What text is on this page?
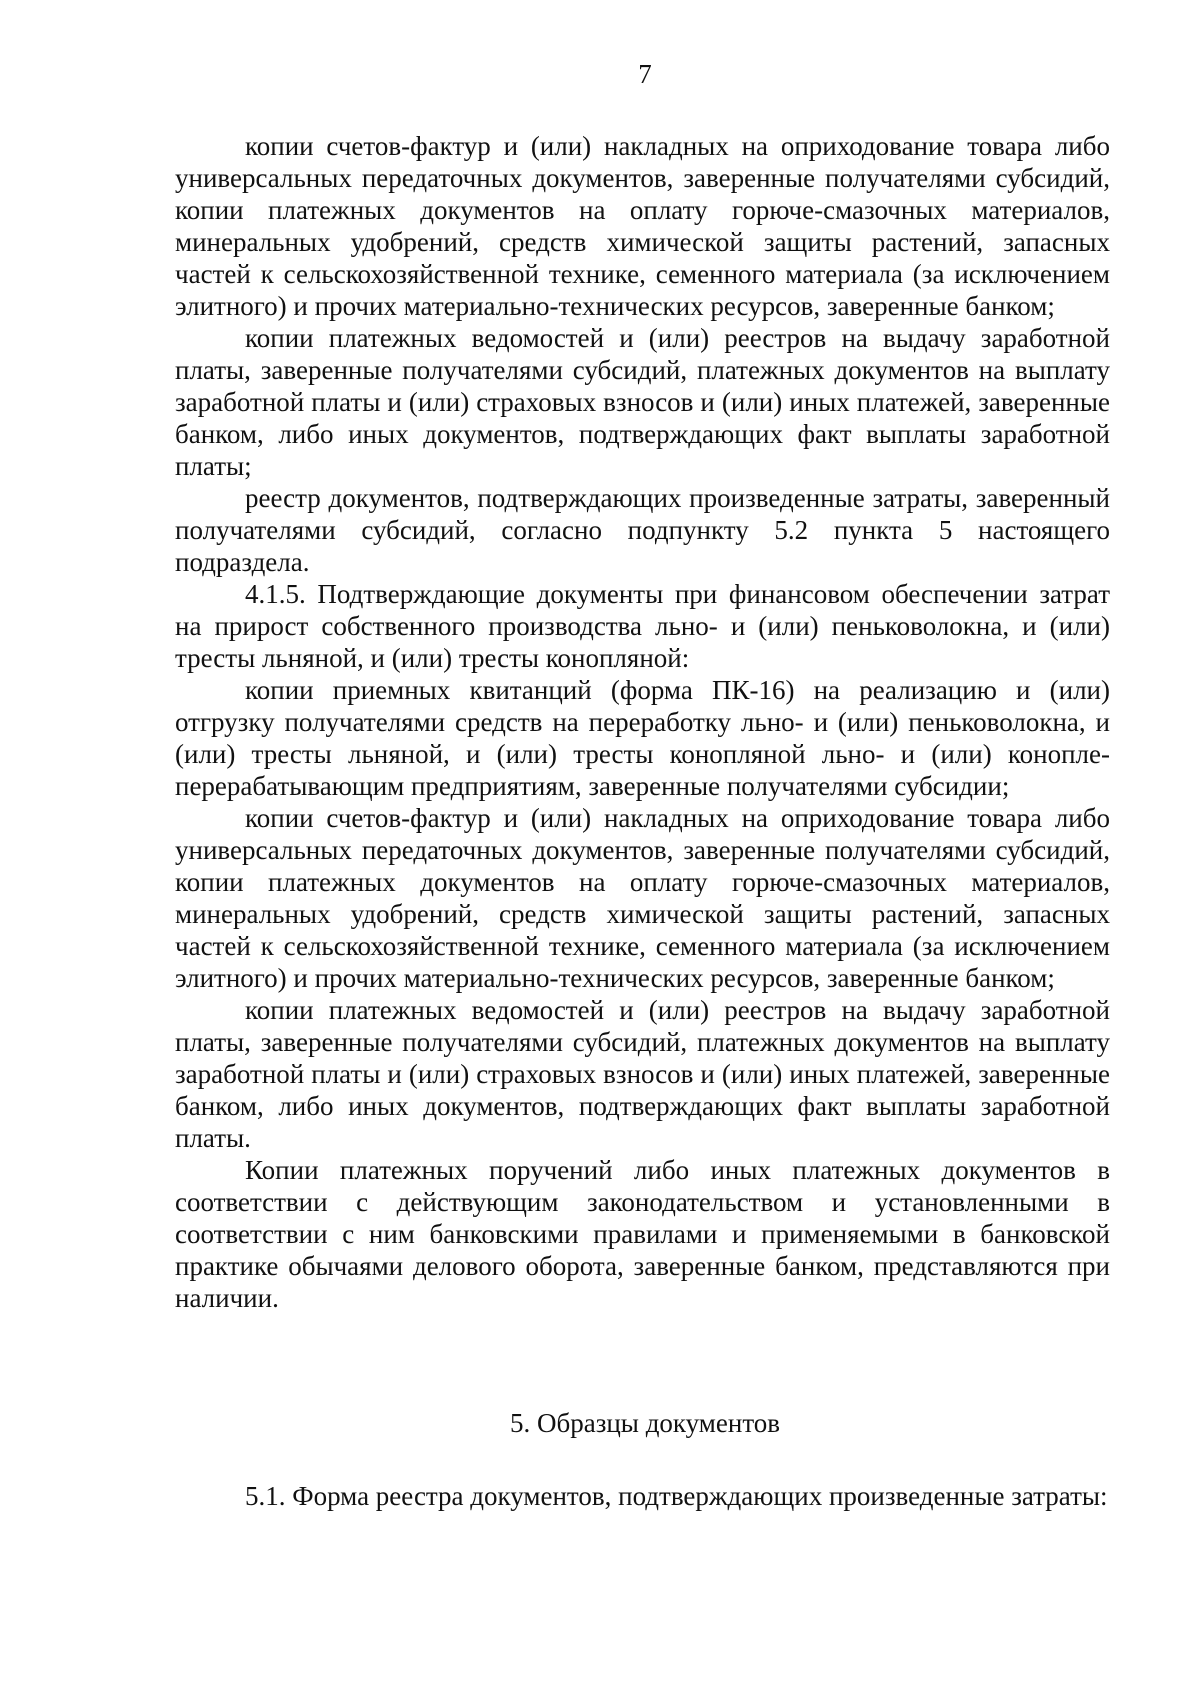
7

копии счетов-фактур и (или) накладных на оприходование товара либо универсальных передаточных документов, заверенные получателями субсидий, копии платежных документов на оплату горюче-смазочных материалов, минеральных удобрений, средств химической защиты растений, запасных частей к сельскохозяйственной технике, семенного материала (за исключением элитного) и прочих материально-технических ресурсов, заверенные банком;

копии платежных ведомостей и (или) реестров на выдачу заработной платы, заверенные получателями субсидий, платежных документов на выплату заработной платы и (или) страховых взносов и (или) иных платежей, заверенные банком, либо иных документов, подтверждающих факт выплаты заработной платы;

реестр документов, подтверждающих произведенные затраты, заверенный получателями субсидий, согласно подпункту 5.2 пункта 5 настоящего подраздела.

4.1.5. Подтверждающие документы при финансовом обеспечении затрат на прирост собственного производства льно- и (или) пеньковолокна, и (или) тресты льняной, и (или) тресты конопляной:

копии приемных квитанций (форма ПК-16) на реализацию и (или) отгрузку получателями средств на переработку льно- и (или) пеньковолокна, и (или) тресты льняной, и (или) тресты конопляной льно- и (или) конопле-перерабатывающим предприятиям, заверенные получателями субсидии;

копии счетов-фактур и (или) накладных на оприходование товара либо универсальных передаточных документов, заверенные получателями субсидий, копии платежных документов на оплату горюче-смазочных материалов, минеральных удобрений, средств химической защиты растений, запасных частей к сельскохозяйственной технике, семенного материала (за исключением элитного) и прочих материально-технических ресурсов, заверенные банком;

копии платежных ведомостей и (или) реестров на выдачу заработной платы, заверенные получателями субсидий, платежных документов на выплату заработной платы и (или) страховых взносов и (или) иных платежей, заверенные банком, либо иных документов, подтверждающих факт выплаты заработной платы.

Копии платежных поручений либо иных платежных документов в соответствии с действующим законодательством и установленными в соответствии с ним банковскими правилами и применяемыми в банковской практике обычаями делового оборота, заверенные банком, представляются при наличии.

5. Образцы документов

5.1. Форма реестра документов, подтверждающих произведенные затраты:
